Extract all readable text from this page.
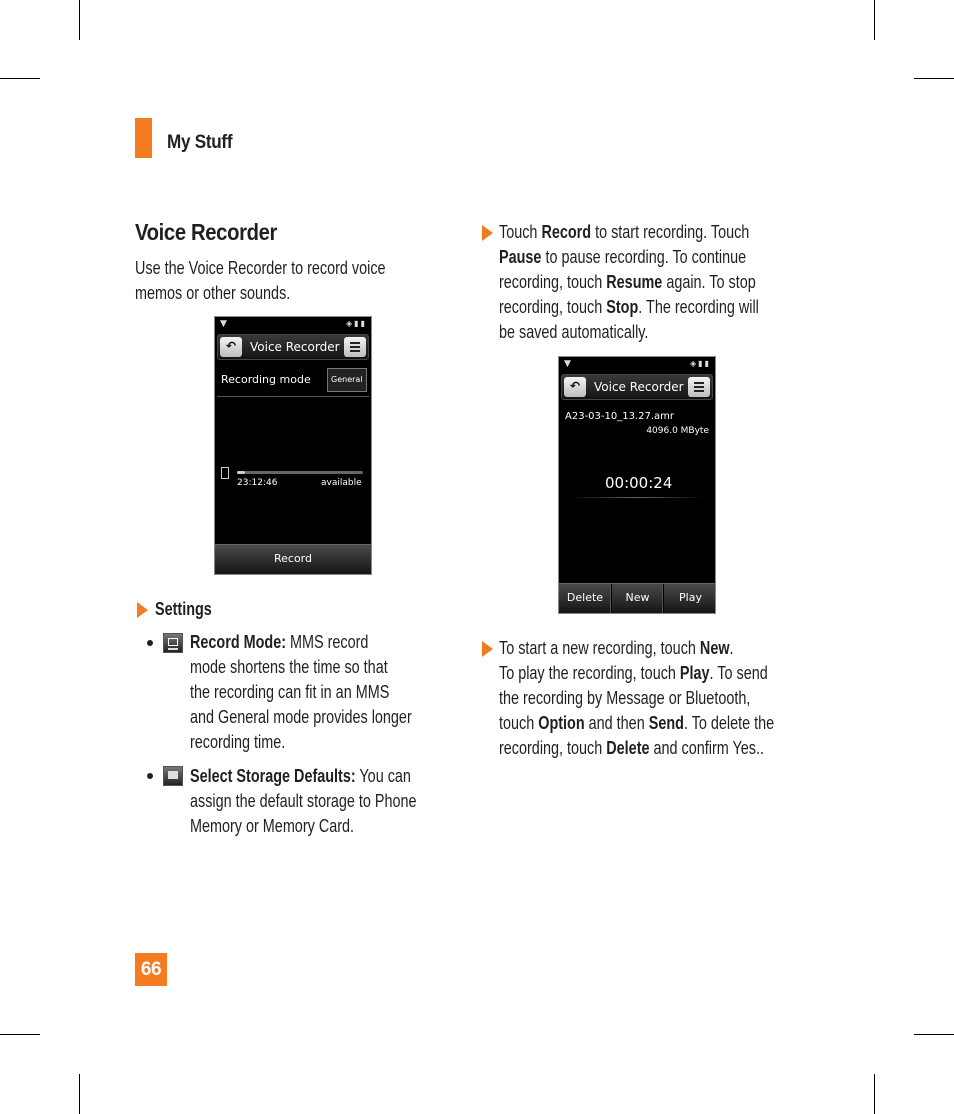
My Stuff
Voice Recorder
Use the Voice Recorder to record voice
memos or other sounds.
▼	◈▮▮
↶	Voice Recorder
Recording mode	General
23:12:46	available
Record
Settings
Record Mode: MMS record
mode shortens the time so that
the recording can fit in an MMS
and General mode provides longer
recording time.
Select Storage Defaults: You can
assign the default storage to Phone
Memory or Memory Card.
Touch Record to start recording. Touch
Pause to pause recording. To continue
recording, touch Resume again. To stop
recording, touch Stop. The recording will
be saved automatically.
▼	◈▮▮
↶	Voice Recorder
A23-03-10_13.27.amr
4096.0 MByte
00:00:24
Delete	New	Play
To start a new recording, touch New.
To play the recording, touch Play. To send
the recording by Message or Bluetooth,
touch Option and then Send. To delete the
recording, touch Delete and confirm Yes..
66
